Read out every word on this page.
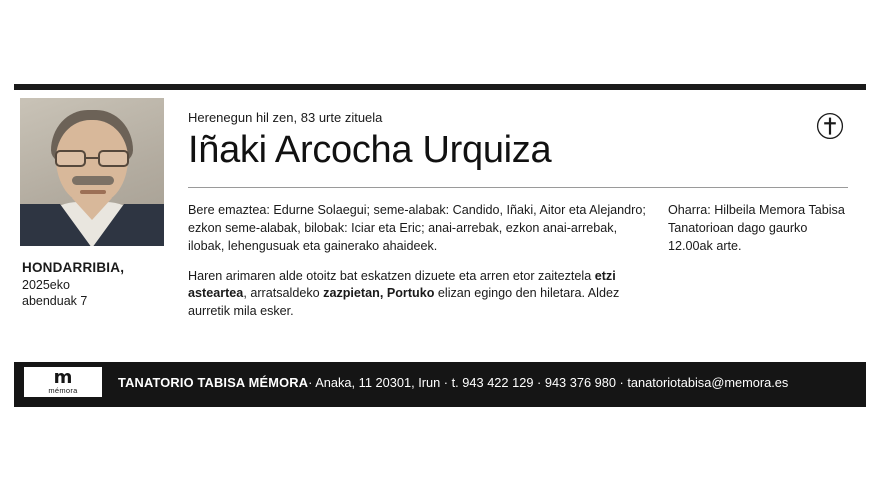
HONDARRIBIA,
2025eko
abenduak 7

Herenegun hil zen, 83 urte zituela

Iñaki Arcocha Urquiza

Bere emaztea: Edurne Solaegui; seme-alabak: Candido, Iñaki, Aitor eta Alejandro; ezkon seme-alabak, bilobak: Iciar eta Eric; anai-arrebak, ezkon anai-arrebak, ilobak, lehengusuak eta gainerako ahaideek.

Haren arimaren alde otoitz bat eskatzen dizuete eta arren etor zaiteztela etzi asteartea, arratsaldeko zazpietan, Portuko elizan egingo den hiletara. Aldez aurretik mila esker.

Oharra: Hilbeila Memora Tabisa Tanatorioan dago gaurko 12.00ak arte.
m
mémora
TANATORIO TABISA MÉMORA· Anaka, 11 20301, Irun · t. 943 422 129 · 943 376 980 · tanatoriotabisa@memora.es
